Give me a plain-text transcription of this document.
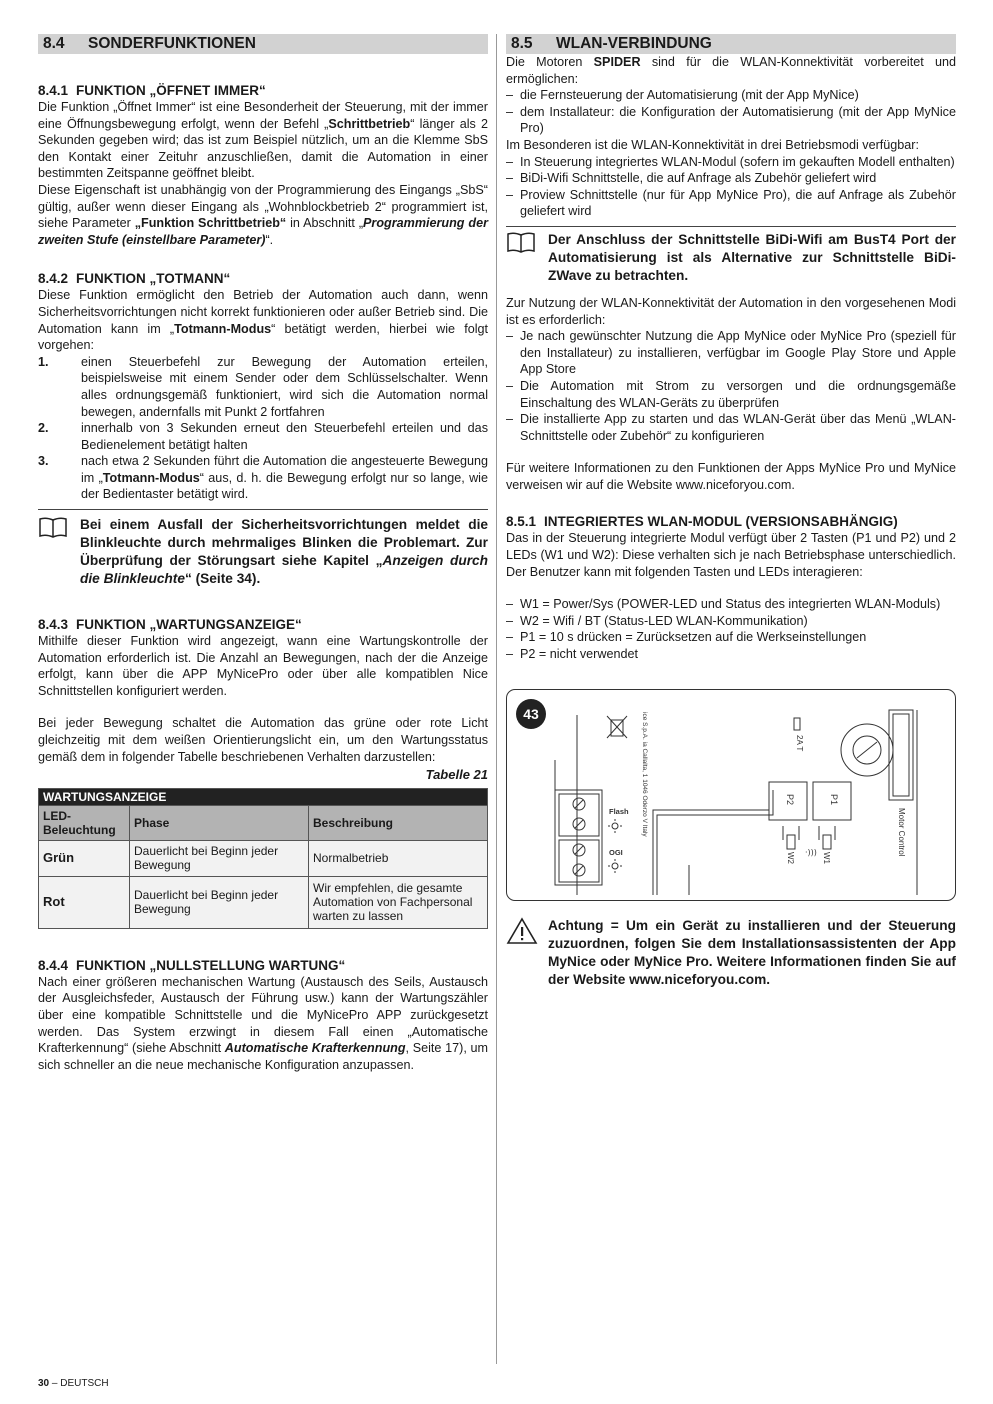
8.4 SONDERFUNKTIONEN
8.4.1 FUNKTION „ÖFFNET IMMER“

Die Funktion „Öffnet Immer“ ist eine Besonderheit der Steuerung, mit der immer eine Öffnungsbewegung erfolgt, wenn der Befehl „Schrittbetrieb“ länger als 2 Sekunden gegeben wird; das ist zum Beispiel nützlich, um an die Klemme SbS den Kontakt einer Zeituhr anzuschließen, damit die Automation in einer bestimmten Zeitspanne geöffnet bleibt.

Diese Eigenschaft ist unabhängig von der Programmierung des Eingangs „SbS“ gültig, außer wenn dieser Eingang als „Wohnblockbetrieb 2“ programmiert ist, siehe Parameter „Funktion Schrittbetrieb“ in Abschnitt „Programmierung der zweiten Stufe (einstellbare Parameter)“.

8.4.2 FUNKTION „TOTMANN“

Diese Funktion ermöglicht den Betrieb der Automation auch dann, wenn Sicherheitsvorrichtungen nicht korrekt funktionieren oder außer Betrieb sind. Die Automation kann im „Totmann-Modus“ betätigt werden, hierbei wie folgt vorgehen:

1.	einen Steuerbefehl zur Bewegung der Automation erteilen, beispielsweise mit einem Sender oder dem Schlüsselschalter. Wenn alles ordnungsgemäß funktioniert, wird sich die Automation normal bewegen, andernfalls mit Punkt 2 fortfahren
2.	innerhalb von 3 Sekunden erneut den Steuerbefehl erteilen und das Bedienelement betätigt halten
3.	nach etwa 2 Sekunden führt die Automation die angesteuerte Bewegung im „Totmann-Modus“ aus, d. h. die Bewegung erfolgt nur so lange, wie der Bedientaster betätigt wird.
Bei einem Ausfall der Sicherheitsvorrichtungen meldet die Blinkleuchte durch mehrmaliges Blinken die Problemart. Zur Überprüfung der Störungsart siehe Kapitel „Anzeigen durch die Blinkleuchte“ (Seite 34).
8.4.3 FUNKTION „WARTUNGSANZEIGE“

Mithilfe dieser Funktion wird angezeigt, wann eine Wartungskontrolle der Automation erforderlich ist. Die Anzahl an Bewegungen, nach der die Anzeige erfolgt, kann über die APP MyNicePro oder über alle kompatiblen Nice Schnittstellen konfiguriert werden.

Bei jeder Bewegung schaltet die Automation das grüne oder rote Licht gleichzeitig mit dem weißen Orientierungslicht ein, um den Wartungsstatus gemäß dem in folgender Tabelle beschriebenen Verhalten darzustellen:

Tabelle 21
WARTUNGSANZEIGE		
LED-Beleuchtung	Phase	Beschreibung
Grün	Dauerlicht bei Beginn jeder Bewegung	Normalbetrieb
Rot	Dauerlicht bei Beginn jeder Bewegung	Wir empfehlen, die gesamte Automation von Fachpersonal warten zu lassen
8.4.4 FUNKTION „NULLSTELLUNG WARTUNG“

Nach einer größeren mechanischen Wartung (Austausch des Seils, Austausch der Ausgleichsfeder, Austausch der Führung usw.) kann der Wartungszähler über eine kompatible Schnittstelle und die MyNicePro APP zurückgesetzt werden. Das System erzwingt in diesem Fall einen „Automatische Krafterkennung“ (siehe Abschnitt Automatische Krafterkennung, Seite 17), um sich schneller an die neue mechanische Konfiguration anzupassen.

8.5 WLAN-VERBINDUNG

Die Motoren SPIDER sind für die WLAN-Konnektivität vorbereitet und ermöglichen:

– die Fernsteuerung der Automatisierung (mit der App MyNice)
– dem Installateur: die Konfiguration der Automatisierung (mit der App MyNice Pro)

Im Besonderen ist die WLAN-Konnektivität in drei Betriebsmodi verfügbar:

– In Steuerung integriertes WLAN-Modul (sofern im gekauften Modell enthalten)
– BiDi-Wifi Schnittstelle, die auf Anfrage als Zubehör geliefert wird
– Proview Schnittstelle (nur für App MyNice Pro), die auf Anfrage als Zubehör geliefert wird
Der Anschluss der Schnittstelle BiDi-Wifi am BusT4 Port der Automatisierung ist als Alternative zur Schnittstelle BiDi-ZWave zu betrachten.

Zur Nutzung der WLAN-Konnektivität der Automation in den vorgesehenen Modi ist es erforderlich:

– Je nach gewünschter Nutzung die App MyNice oder MyNice Pro (speziell für den Installateur) zu installieren, verfügbar im Google Play Store und Apple App Store
– Die Automation mit Strom zu versorgen und die ordnungsgemäße Einschaltung des WLAN-Geräts zu überprüfen
– Die installierte App zu starten und das WLAN-Gerät über das Menü „WLAN-Schnittstelle oder Zubehör“ zu konfigurieren

Für weitere Informationen zu den Funktionen der Apps MyNice Pro und MyNice verweisen wir auf die Website www.niceforyou.com.

8.5.1 INTEGRIERTES WLAN-MODUL (VERSIONSABHÄNGIG)

Das in der Steuerung integrierte Modul verfügt über 2 Tasten (P1 und P2) und 2 LEDs (W1 und W2): Diese verhalten sich je nach Betriebsphase unterschiedlich. Der Benutzer kann mit folgenden Tasten und LEDs interagieren:

– W1 = Power/Sys (POWER-LED und Status des integrierten WLAN-Moduls)
– W2 = Wifi / BT (Status-LED WLAN-Kommunikation)
– P1 = 10 s drücken = Zurücksetzen auf die Werkseinstellungen
– P2 = nicht verwendet
43	ice S.p.A. ia Callalta, 1 1046 Oderzo V Italy	2A T
Motor Control
Flash
OGI
P2	P1
W2	W1
·)))
Achtung = Um ein Gerät zu installieren und der Steuerung zuzuordnen, folgen Sie dem Installationsassistenten der App MyNice oder MyNice Pro. Weitere Informationen finden Sie auf der Website www.niceforyou.com.
30 – DEUTSCH
